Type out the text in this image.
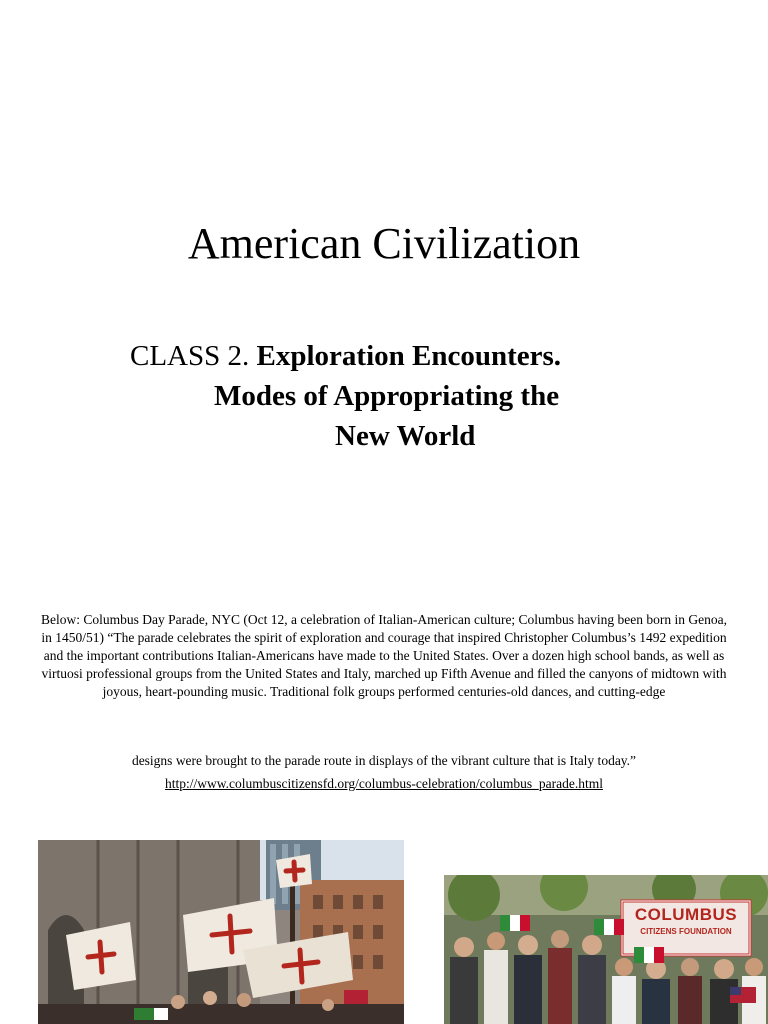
American Civilization
CLASS 2. Exploration Encounters.
Modes of Appropriating the
New World
Below: Columbus Day Parade, NYC (Oct 12, a celebration of Italian-American culture; Columbus having been born in Genoa, in 1450/51) “The parade celebrates the spirit of exploration and courage that inspired Christopher Columbus’s 1492 expedition and the important contributions Italian-Americans have made to the United States. Over a dozen high school bands, as well as virtuosi professional groups from the United States and Italy, marched up Fifth Avenue and filled the canyons of midtown with joyous, heart-pounding music. Traditional folk groups performed centuries-old dances, and cutting-edge
designs were brought to the parade route in displays of the vibrant culture that is Italy today.”
http://www.columbuscitizensfd.org/columbus-celebration/columbus_parade.html
COLUMBUS
CITIZENS FOUNDATION
